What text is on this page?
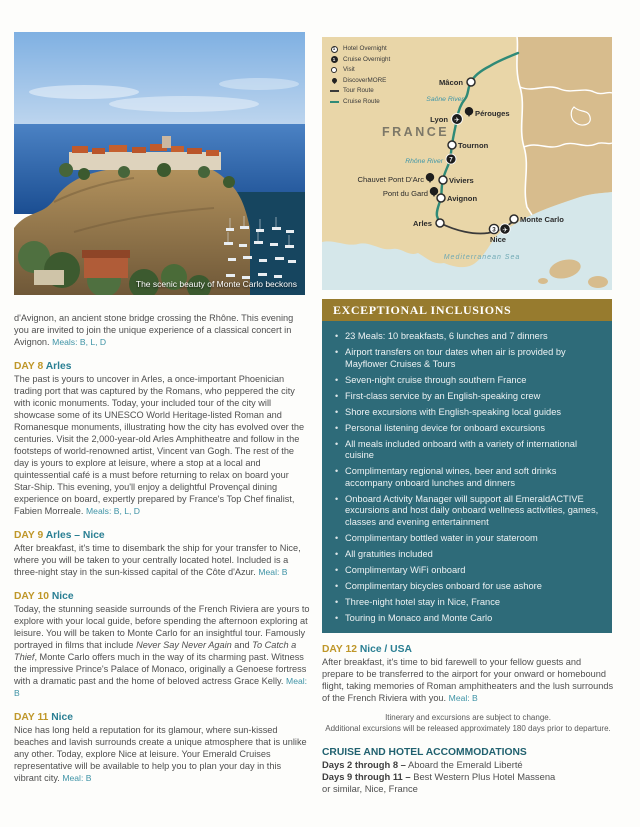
The scenic beauty of Monte Carlo beckons
FRANCE
Saône River
Rhône River
Mediterranean Sea
7
Mâcon
Pérouges
✈
Lyon
Tournon
Chauvet Pont D'Arc	Viviers
Pont du Gard
Avignon
Arles	Monte Carlo
3 ✈
Nice
1	Hotel Overnight
1	Cruise Overnight
Visit
DiscoverMORE
Tour Route
Cruise Route
EXCEPTIONAL INCLUSIONS
• 23 Meals: 10 breakfasts, 6 lunches and 7 dinners
• Airport transfers on tour dates when air is provided by Mayflower Cruises & Tours
• Seven-night cruise through southern France
• First-class service by an English-speaking crew
• Shore excursions with English-speaking local guides
• Personal listening device for onboard excursions
• All meals included onboard with a variety of international cuisine
• Complimentary regional wines, beer and soft drinks accompany onboard lunches and dinners
• Onboard Activity Manager will support all EmeraldACTIVE excursions and host daily onboard wellness activities, games, classes and evening entertainment
• Complimentary bottled water in your stateroom
• All gratuities included
• Complimentary WiFi onboard
• Complimentary bicycles onboard for use ashore
• Three-night hotel stay in Nice, France
• Touring in Monaco and Monte Carlo

d'Avignon, an ancient stone bridge crossing the Rhône. This evening you are invited to join the unique experience of a classical concert in Avignon. Meals: B, L, D

DAY 8 Arles

The past is yours to uncover in Arles, a once-important Phoenician trading port that was captured by the Romans, who peppered the city with iconic monuments. Today, your included tour of the city will showcase some of its UNESCO World Heritage-listed Roman and Romanesque monuments, illustrating how the city has evolved over the centuries. Visit the 2,000-year-old Arles Amphitheatre and follow in the footsteps of world-renowned artist, Vincent van Gogh. The rest of the day is yours to explore at leisure, where a stop at a local and quintessential café is a must before returning to relax on board your Star-Ship. This evening, you'll enjoy a delightful Provençal dining experience on board, expertly prepared by France's Top Chef finalist, Fabien Morreale. Meals: B, L, D

DAY 9 Arles – Nice

After breakfast, it's time to disembark the ship for your transfer to Nice, where you will be taken to your centrally located hotel. Included is a three-night stay in the sun-kissed capital of the Côte d'Azur. Meal: B

DAY 10 Nice

Today, the stunning seaside surrounds of the French Riviera are yours to explore with your local guide, before spending the afternoon exploring at leisure. You will be taken to Monte Carlo for an insightful tour. Famously portrayed in films that include Never Say Never Again and To Catch a Thief, Monte Carlo offers much in the way of its charming past. Witness the impressive Prince's Palace of Monaco, originally a Genoese fortress with a dramatic past and the home of beloved actress Grace Kelly. Meal: B

DAY 11 Nice

Nice has long held a reputation for its glamour, where sun-kissed beaches and lavish surrounds create a unique atmosphere that is unlike any other. Today, explore Nice at leisure. Your Emerald Cruises representative will be available to help you to plan your day in this vibrant city. Meal: B

DAY 12 Nice / USA

After breakfast, it's time to bid farewell to your fellow guests and prepare to be transferred to the airport for your onward or homebound flight, taking memories of Roman amphitheaters and the lush surrounds of the French Riviera with you. Meal: B

Itinerary and excursions are subject to change.
Additional excursions will be released approximately 180 days prior to departure.

CRUISE AND HOTEL ACCOMMODATIONS
Days 2 through 8 – Aboard the Emerald Liberté
Days 9 through 11 – Best Western Plus Hotel Massena
or similar, Nice, France
